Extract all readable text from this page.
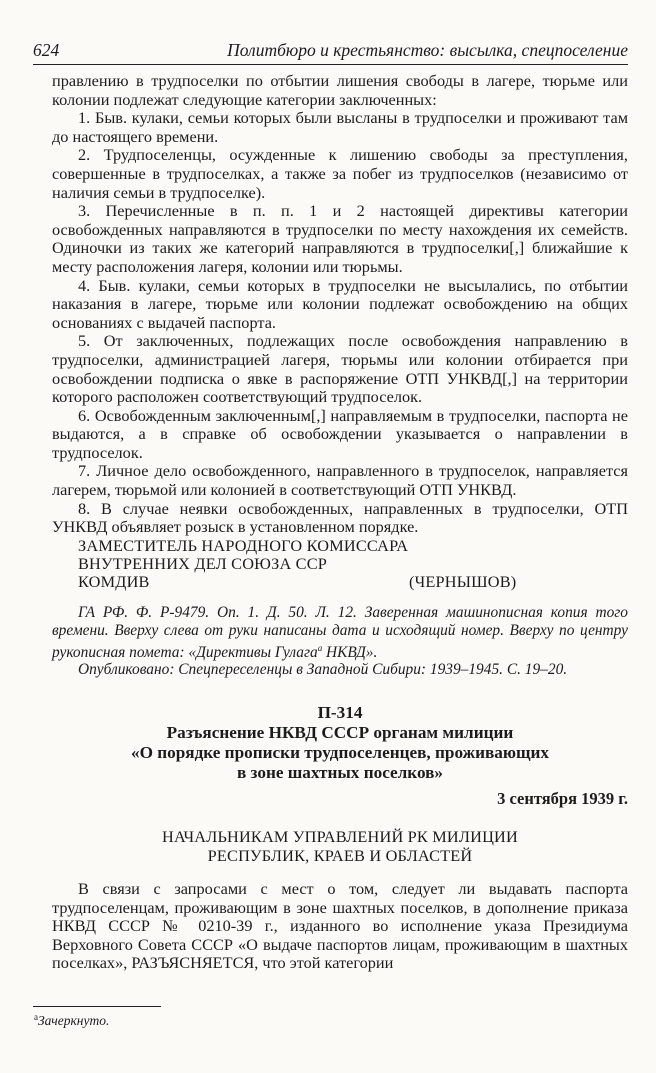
624	Политбюро и крестьянство: высылка, спецпоселение

правлению в трудпоселки по отбытии лишения свободы в лагере, тюрьме или колонии подлежат следующие категории заключенных:

1. Быв. кулаки, семьи которых были высланы в трудпоселки и проживают там до настоящего времени.

2. Трудпоселенцы, осужденные к лишению свободы за преступления, совершенные в трудпоселках, а также за побег из трудпоселков (независимо от наличия семьи в трудпоселке).

3. Перечисленные в п. п. 1 и 2 настоящей директивы категории освобожденных направляются в трудпоселки по месту нахождения их семейств. Одиночки из таких же категорий направляются в трудпоселки[,] ближайшие к месту расположения лагеря, колонии или тюрьмы.

4. Быв. кулаки, семьи которых в трудпоселки не высылались, по отбытии наказания в лагере, тюрьме или колонии подлежат освобождению на общих основаниях с выдачей паспорта.

5. От заключенных, подлежащих после освобождения направлению в трудпоселки, администрацией лагеря, тюрьмы или колонии отбирается при освобождении подписка о явке в распоряжение ОТП УНКВД[,] на территории которого расположен соответствующий трудпоселок.

6. Освобожденным заключенным[,] направляемым в трудпоселки, паспорта не выдаются, а в справке об освобождении указывается о направлении в трудпоселок.

7. Личное дело освобожденного, направленного в трудпоселок, направляется лагерем, тюрьмой или колонией в соответствующий ОТП УНКВД.

8. В случае неявки освобожденных, направленных в трудпоселки, ОТП УНКВД объявляет розыск в установленном порядке.

ЗАМЕСТИТЕЛЬ НАРОДНОГО КОМИССАРА
ВНУТРЕННИХ ДЕЛ СОЮЗА ССР
КОМДИВ	(ЧЕРНЫШОВ)

ГА РФ. Ф. Р-9479. Оп. 1. Д. 50. Л. 12. Заверенная машинописная копия того времени. Вверху слева от руки написаны дата и исходящий номер. Вверху по центру рукописная помета: «Директивы Гулага$^а$ НКВД».

Опубликовано: Спецпереселенцы в Западной Сибири: 1939–1945. С. 19–20.

П-314
Разъяснение НКВД СССР органам милиции
«О порядке прописки трудпоселенцев, проживающих
в зоне шахтных поселков»
3 сентября 1939 г.
НАЧАЛЬНИКАМ УПРАВЛЕНИЙ РК МИЛИЦИИ
РЕСПУБЛИК, КРАЕВ И ОБЛАСТЕЙ

В связи с запросами с мест о том, следует ли выдавать паспорта трудпоселенцам, проживающим в зоне шахтных поселков, в дополнение приказа НКВД СССР № 0210-39 г., изданного во исполнение указа Президиума Верховного Совета СССР «О выдаче паспортов лицам, проживающим в шахтных поселках», РАЗЪЯСНЯЕТСЯ, что этой категории

$^а$Зачеркнуто.
